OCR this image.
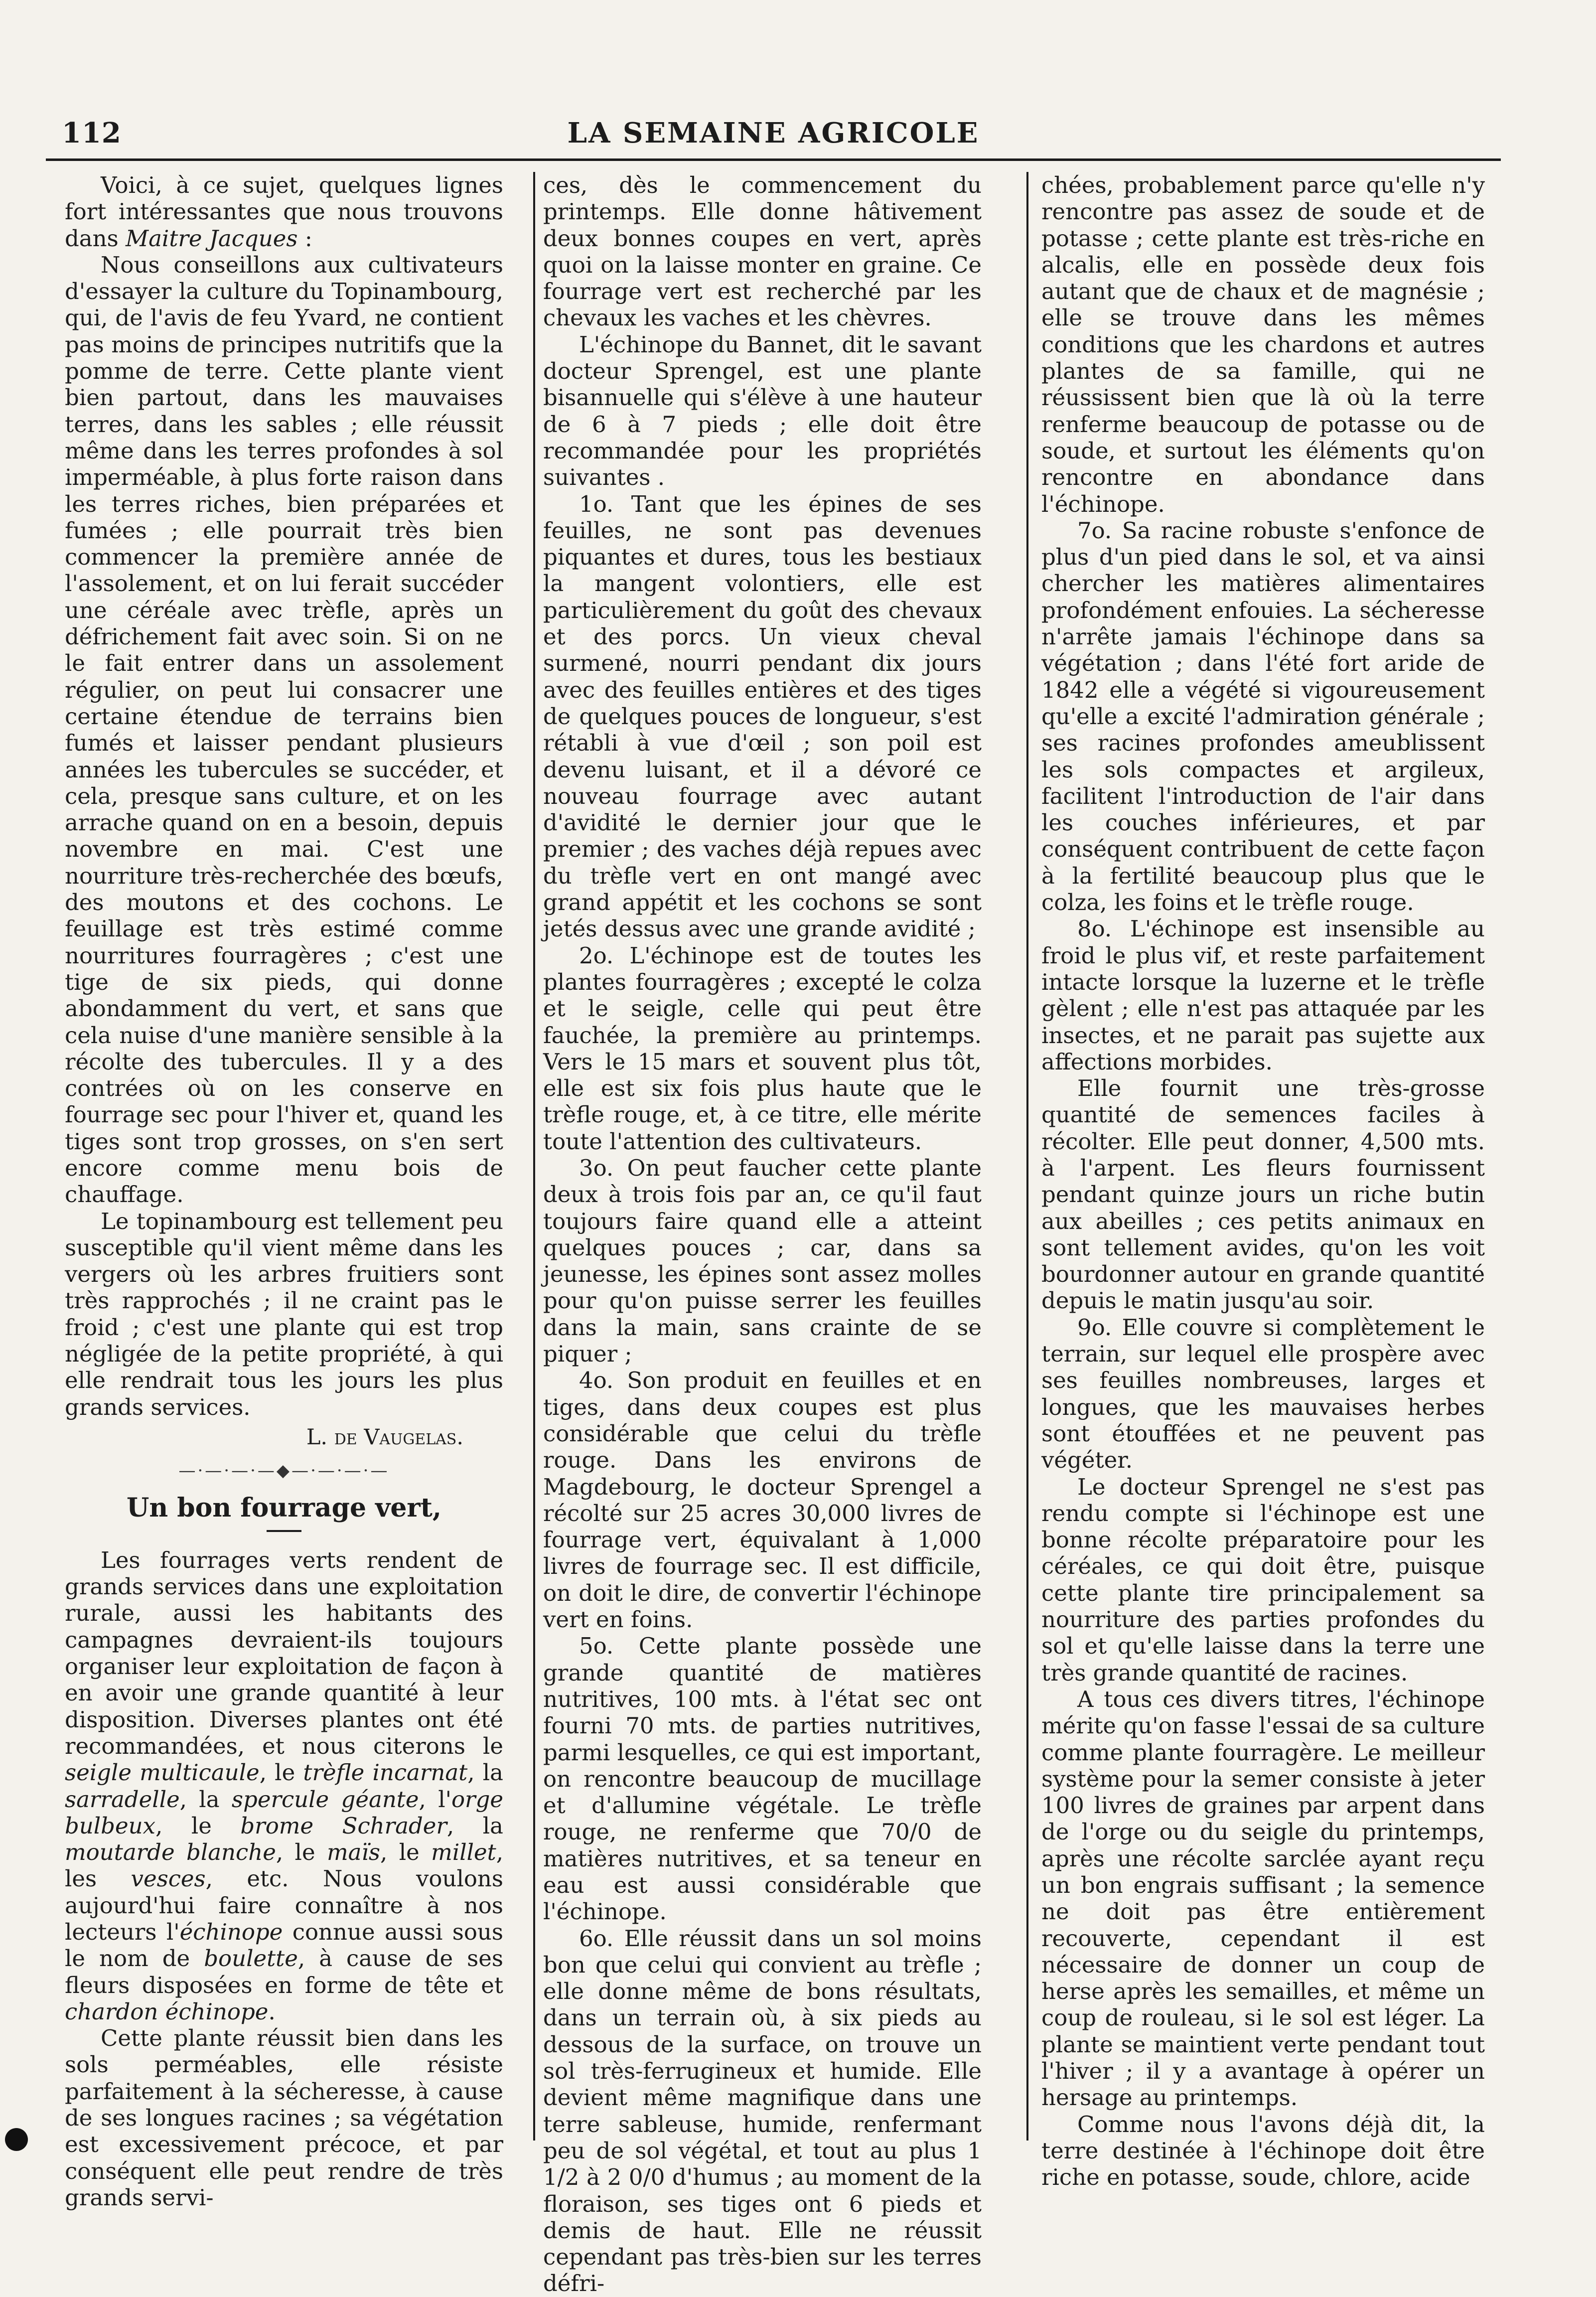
112	LA SEMAINE AGRICOLE

Voici, à ce sujet, quelques lignes fort intéressantes que nous trouvons dans Maitre Jacques :

Nous conseillons aux cultivateurs d'essayer la culture du Topinambourg, qui, de l'avis de feu Yvard, ne contient pas moins de principes nutritifs que la pomme de terre. Cette plante vient bien partout, dans les mauvaises terres, dans les sables ; elle réussit même dans les terres profondes à sol imperméable, à plus forte raison dans les terres riches, bien préparées et fumées ; elle pourrait très bien commencer la première année de l'assolement, et on lui ferait succéder une céréale avec trèfle, après un défrichement fait avec soin. Si on ne le fait entrer dans un assolement régulier, on peut lui consacrer une certaine étendue de terrains bien fumés et laisser pendant plusieurs années les tubercules se succéder, et cela, presque sans culture, et on les arrache quand on en a besoin, depuis novembre en mai. C'est une nourriture très-recherchée des bœufs, des moutons et des cochons. Le feuillage est très estimé comme nourritures fourragères ; c'est une tige de six pieds, qui donne abondamment du vert, et sans que cela nuise d'une manière sensible à la récolte des tubercules. Il y a des contrées où on les conserve en fourrage sec pour l'hiver et, quand les tiges sont trop grosses, on s'en sert encore comme menu bois de chauffage.

Le topinambourg est tellement peu susceptible qu'il vient même dans les vergers où les arbres fruitiers sont très rapprochés ; il ne craint pas le froid ; c'est une plante qui est trop négligée de la petite propriété, à qui elle rendrait tous les jours les plus grands services.

L. de Vaugelas.
—·—·—·—◆—·—·—·—
Un bon fourrage vert,

Les fourrages verts rendent de grands services dans une exploitation rurale, aussi les habitants des campagnes devraient-ils toujours organiser leur exploitation de façon à en avoir une grande quantité à leur disposition. Diverses plantes ont été recommandées, et nous citerons le seigle multicaule, le trèfle incarnat, la sarradelle, la spercule géante, l'orge bulbeux, le brome Schrader, la moutarde blanche, le maïs, le millet, les vesces, etc. Nous voulons aujourd'hui faire connaître à nos lecteurs l'échinope connue aussi sous le nom de boulette, à cause de ses fleurs disposées en forme de tête et chardon échinope.

Cette plante réussit bien dans les sols perméables, elle résiste parfaitement à la sécheresse, à cause de ses longues racines ; sa végétation est excessivement précoce, et par conséquent elle peut rendre de très grands servi-

ces, dès le commencement du printemps. Elle donne hâtivement deux bonnes coupes en vert, après quoi on la laisse monter en graine. Ce fourrage vert est recherché par les chevaux les vaches et les chèvres.

L'échinope du Bannet, dit le savant docteur Sprengel, est une plante bisannuelle qui s'élève à une hauteur de 6 à 7 pieds ; elle doit être recommandée pour les propriétés suivantes .

1o. Tant que les épines de ses feuilles, ne sont pas devenues piquantes et dures, tous les bestiaux la mangent volontiers, elle est particulièrement du goût des chevaux et des porcs. Un vieux cheval surmené, nourri pendant dix jours avec des feuilles entières et des tiges de quelques pouces de longueur, s'est rétabli à vue d'œil ; son poil est devenu luisant, et il a dévoré ce nouveau fourrage avec autant d'avidité le dernier jour que le premier ; des vaches déjà repues avec du trèfle vert en ont mangé avec grand appétit et les cochons se sont jetés dessus avec une grande avidité ;

2o. L'échinope est de toutes les plantes fourragères ; excepté le colza et le seigle, celle qui peut être fauchée, la première au printemps. Vers le 15 mars et souvent plus tôt, elle est six fois plus haute que le trèfle rouge, et, à ce titre, elle mérite toute l'attention des cultivateurs.

3o. On peut faucher cette plante deux à trois fois par an, ce qu'il faut toujours faire quand elle a atteint quelques pouces ; car, dans sa jeunesse, les épines sont assez molles pour qu'on puisse serrer les feuilles dans la main, sans crainte de se piquer ;

4o. Son produit en feuilles et en tiges, dans deux coupes est plus considérable que celui du trèfle rouge. Dans les environs de Magdebourg, le docteur Sprengel a récolté sur 25 acres 30,000 livres de fourrage vert, équivalant à 1,000 livres de fourrage sec. Il est difficile, on doit le dire, de convertir l'échinope vert en foins.

5o. Cette plante possède une grande quantité de matières nutritives, 100 mts. à l'état sec ont fourni 70 mts. de parties nutritives, parmi lesquelles, ce qui est important, on rencontre beaucoup de mucillage et d'allumine végétale. Le trèfle rouge, ne renferme que 70/0 de matières nutritives, et sa teneur en eau est aussi considérable que l'échinope.

6o. Elle réussit dans un sol moins bon que celui qui convient au trèfle ; elle donne même de bons résultats, dans un terrain où, à six pieds au dessous de la surface, on trouve un sol très-ferrugineux et humide. Elle devient même magnifique dans une terre sableuse, humide, renfermant peu de sol végétal, et tout au plus 1 1/2 à 2 0/0 d'humus ; au moment de la floraison, ses tiges ont 6 pieds et demis de haut. Elle ne réussit cependant pas très-bien sur les terres défri-

chées, probablement parce qu'elle n'y rencontre pas assez de soude et de potasse ; cette plante est très-riche en alcalis, elle en possède deux fois autant que de chaux et de magnésie ; elle se trouve dans les mêmes conditions que les chardons et autres plantes de sa famille, qui ne réussissent bien que là où la terre renferme beaucoup de potasse ou de soude, et surtout les éléments qu'on rencontre en abondance dans l'échinope.

7o. Sa racine robuste s'enfonce de plus d'un pied dans le sol, et va ainsi chercher les matières alimentaires profondément enfouies. La sécheresse n'arrête jamais l'échinope dans sa végétation ; dans l'été fort aride de 1842 elle a végété si vigoureusement qu'elle a excité l'admiration générale ; ses racines profondes ameublissent les sols compactes et argileux, facilitent l'introduction de l'air dans les couches inférieures, et par conséquent contribuent de cette façon à la fertilité beaucoup plus que le colza, les foins et le trèfle rouge.

8o. L'échinope est insensible au froid le plus vif, et reste parfaitement intacte lorsque la luzerne et le trèfle gèlent ; elle n'est pas attaquée par les insectes, et ne parait pas sujette aux affections morbides.

Elle fournit une très-grosse quantité de semences faciles à récolter. Elle peut donner, 4,500 mts. à l'arpent. Les fleurs fournissent pendant quinze jours un riche butin aux abeilles ; ces petits animaux en sont tellement avides, qu'on les voit bourdonner autour en grande quantité depuis le matin jusqu'au soir.

9o. Elle couvre si complètement le terrain, sur lequel elle prospère avec ses feuilles nombreuses, larges et longues, que les mauvaises herbes sont étouffées et ne peuvent pas végéter.

Le docteur Sprengel ne s'est pas rendu compte si l'échinope est une bonne récolte préparatoire pour les céréales, ce qui doit être, puisque cette plante tire principalement sa nourriture des parties profondes du sol et qu'elle laisse dans la terre une très grande quantité de racines.

A tous ces divers titres, l'échinope mérite qu'on fasse l'essai de sa culture comme plante fourragère. Le meilleur système pour la semer consiste à jeter 100 livres de graines par arpent dans de l'orge ou du seigle du printemps, après une récolte sarclée ayant reçu un bon engrais suffisant ; la semence ne doit pas être entièrement recouverte, cependant il est nécessaire de donner un coup de herse après les semailles, et même un coup de rouleau, si le sol est léger. La plante se maintient verte pendant tout l'hiver ; il y a avantage à opérer un hersage au printemps.

Comme nous l'avons déjà dit, la terre destinée à l'échinope doit être riche en potasse, soude, chlore, acide
